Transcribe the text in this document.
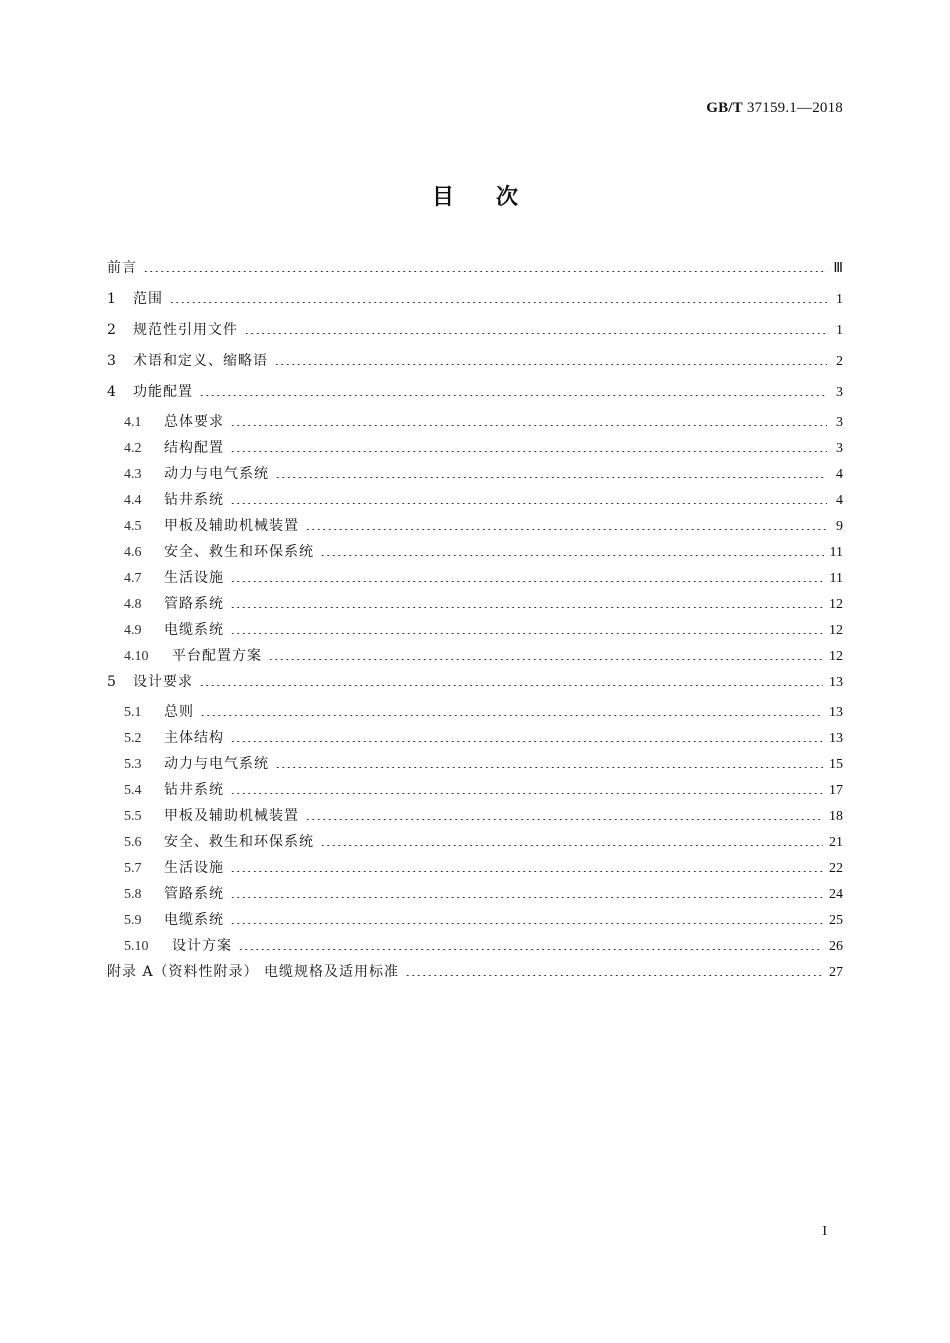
GB/T 37159.1—2018
目次
前言	Ⅲ
1	范围	1
2	规范性引用文件	1
3	术语和定义、缩略语	2
4	功能配置	3
4.1	总体要求	3
4.2	结构配置	3
4.3	动力与电气系统	4
4.4	钻井系统	4
4.5	甲板及辅助机械装置	9
4.6	安全、救生和环保系统	11
4.7	生活设施	11
4.8	管路系统	12
4.9	电缆系统	12
4.10	平台配置方案	12
5	设计要求	13
5.1	总则	13
5.2	主体结构	13
5.3	动力与电气系统	15
5.4	钻井系统	17
5.5	甲板及辅助机械装置	18
5.6	安全、救生和环保系统	21
5.7	生活设施	22
5.8	管路系统	24
5.9	电缆系统	25
5.10	设计方案	26
附录 A（资料性附录） 电缆规格及适用标准	27
I
